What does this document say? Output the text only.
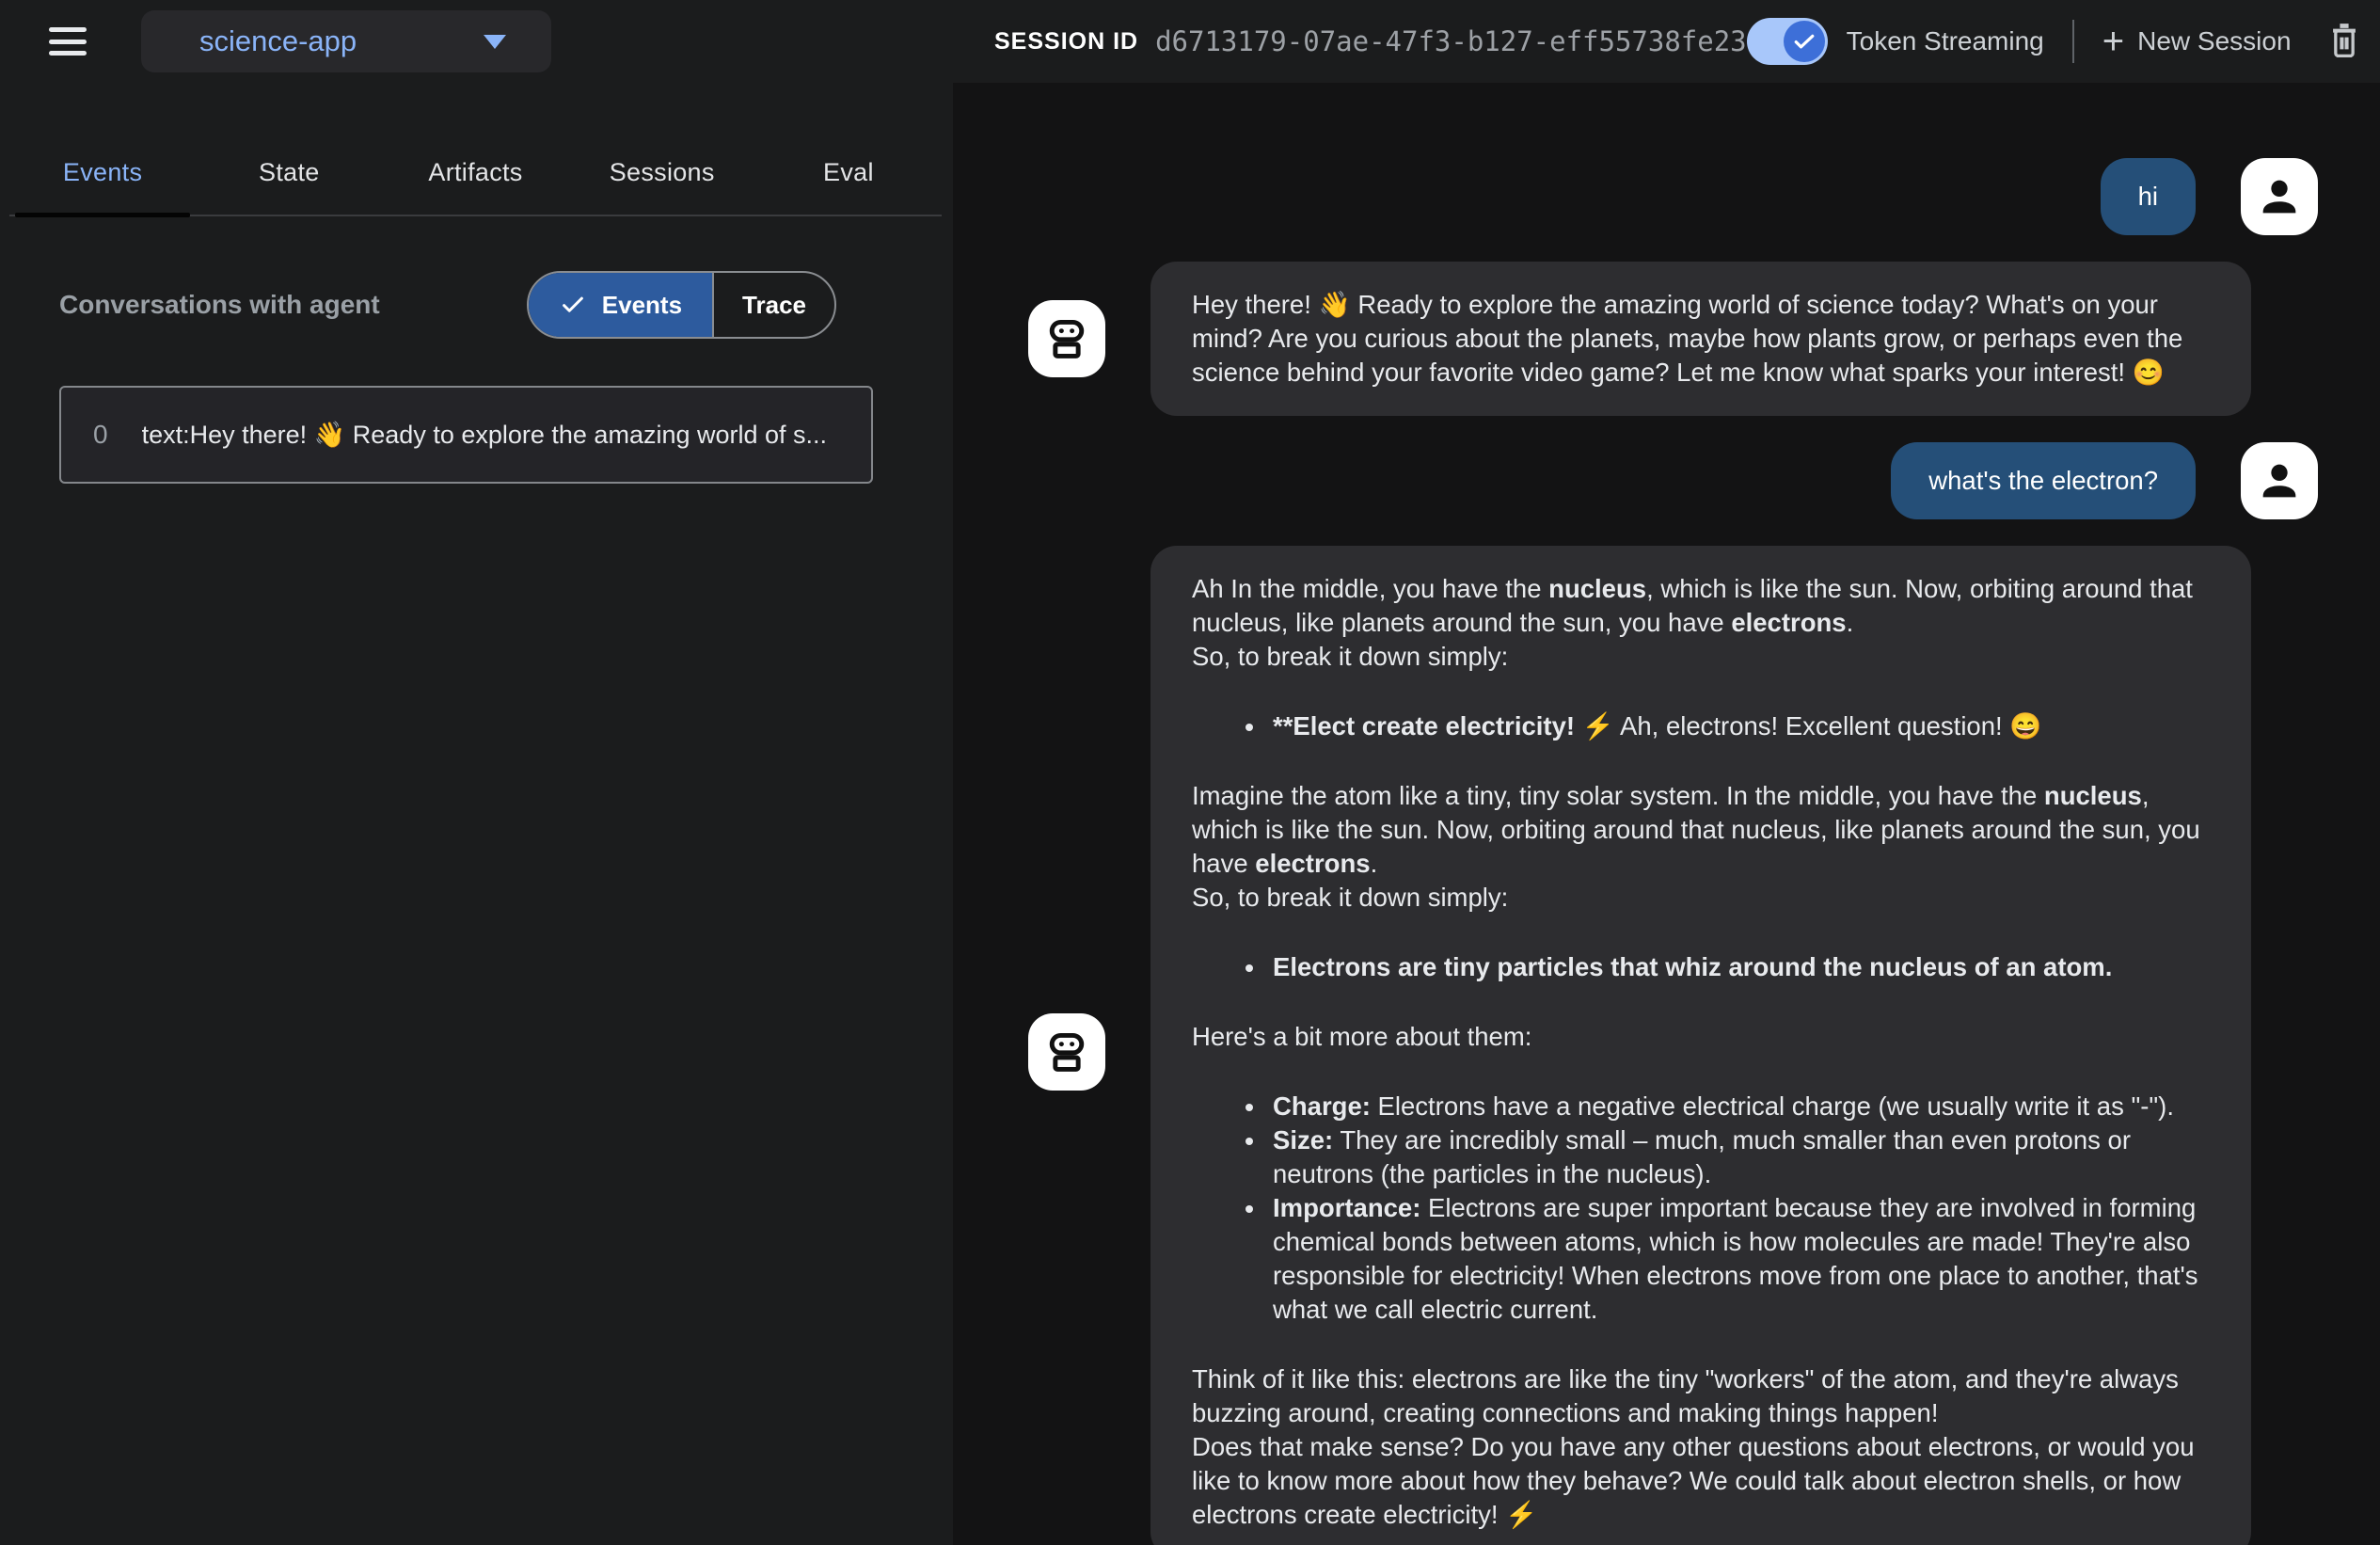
science-app	SESSION ID d6713179-07ae-47f3-b127-eff55738fe23	Token Streaming + New Session
Events	State	Artifacts	Sessions	Eval
Conversations with agent	Events Trace
0 text:Hey there! 👋 Ready to explore the amazing world of s...

hi

Hey there! 👋 Ready to explore the amazing world of science today? What's on your mind? Are you curious about the planets, maybe how plants grow, or perhaps even the science behind your favorite video game? Let me know what sparks your interest! 😊

what's the electron?

Ah In the middle, you have the nucleus, which is like the sun. Now, orbiting around that nucleus, like planets around the sun, you have electrons.

So, to break it down simply:

• **Elect create electricity! ⚡ Ah, electrons! Excellent question! 😄

Imagine the atom like a tiny, tiny solar system. In the middle, you have the nucleus, which is like the sun. Now, orbiting around that nucleus, like planets around the sun, you have electrons.

So, to break it down simply:

• Electrons are tiny particles that whiz around the nucleus of an atom.

Here's a bit more about them:

• Charge: Electrons have a negative electrical charge (we usually write it as "-").
• Size: They are incredibly small – much, much smaller than even protons or neutrons (the particles in the nucleus).
• Importance: Electrons are super important because they are involved in forming chemical bonds between atoms, which is how molecules are made! They're also responsible for electricity! When electrons move from one place to another, that's what we call electric current.

Think of it like this: electrons are like the tiny "workers" of the atom, and they're always buzzing around, creating connections and making things happen!

Does that make sense? Do you have any other questions about electrons, or would you like to know more about how they behave? We could talk about electron shells, or how electrons create electricity! ⚡
